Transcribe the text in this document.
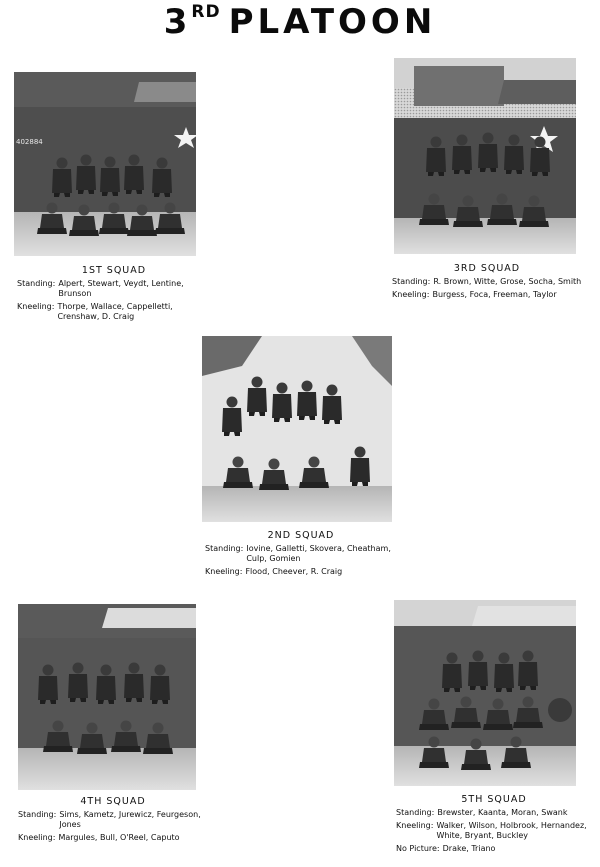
3RD PLATOON
402884
1ST SQUAD
Standing: Alpert, Stewart, Veydt, Lentine, Brunson
Kneeling: Thorpe, Wallace, Cappelletti, Crenshaw, D. Craig
3RD SQUAD
Standing: R. Brown, Witte, Grose, Socha, Smith
Kneeling: Burgess, Foca, Freeman, Taylor
2ND SQUAD
Standing: Iovine, Galletti, Skovera, Cheatham, Culp, Gomien
Kneeling: Flood, Cheever, R. Craig
4TH SQUAD
Standing: Sims, Kametz, Jurewicz, Feurgeson, Jones
Kneeling: Margules, Bull, O'Reel, Caputo
5TH SQUAD
Standing: Brewster, Kaanta, Moran, Swank
Kneeling: Walker, Wilson, Holbrook, Hernandez, White, Bryant, Buckley
No Picture: Drake, Triano
